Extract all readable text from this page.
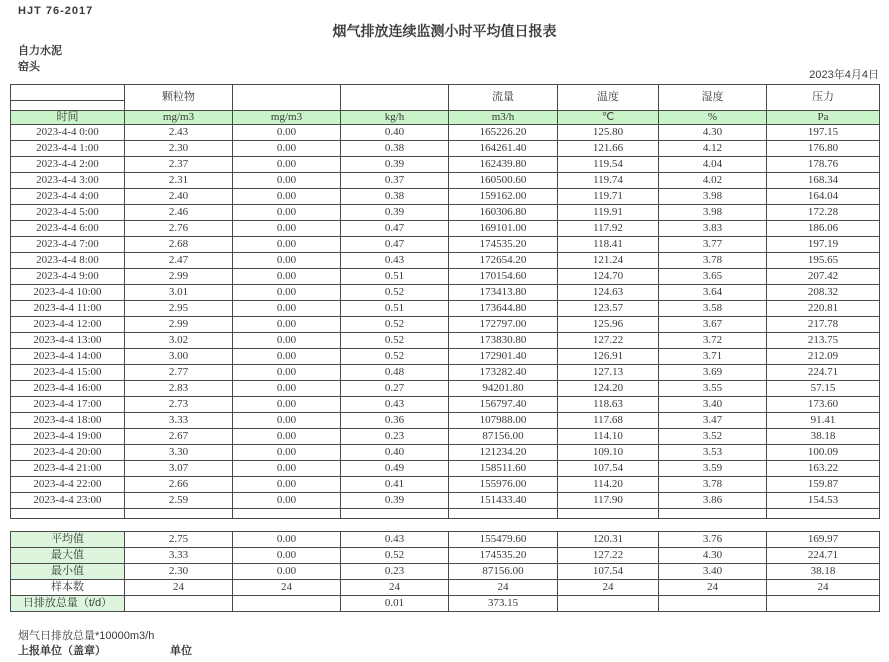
HJT 76-2017
烟气排放连续监测小时平均值日报表
自力水泥
窑头
2023年4月4日
	颗粒物			流量	温度	湿度	压力

时间	mg/m3	mg/m3	kg/h	m3/h	℃	%	Pa
2023-4-4 0:00	2.43	0.00	0.40	165226.20	125.80	4.30	197.15
2023-4-4 1:00	2.30	0.00	0.38	164261.40	121.66	4.12	176.80
2023-4-4 2:00	2.37	0.00	0.39	162439.80	119.54	4.04	178.76
2023-4-4 3:00	2.31	0.00	0.37	160500.60	119.74	4.02	168.34
2023-4-4 4:00	2.40	0.00	0.38	159162.00	119.71	3.98	164.04
2023-4-4 5:00	2.46	0.00	0.39	160306.80	119.91	3.98	172.28
2023-4-4 6:00	2.76	0.00	0.47	169101.00	117.92	3.83	186.06
2023-4-4 7:00	2.68	0.00	0.47	174535.20	118.41	3.77	197.19
2023-4-4 8:00	2.47	0.00	0.43	172654.20	121.24	3.78	195.65
2023-4-4 9:00	2.99	0.00	0.51	170154.60	124.70	3.65	207.42
2023-4-4 10:00	3.01	0.00	0.52	173413.80	124.63	3.64	208.32
2023-4-4 11:00	2.95	0.00	0.51	173644.80	123.57	3.58	220.81
2023-4-4 12:00	2.99	0.00	0.52	172797.00	125.96	3.67	217.78
2023-4-4 13:00	3.02	0.00	0.52	173830.80	127.22	3.72	213.75
2023-4-4 14:00	3.00	0.00	0.52	172901.40	126.91	3.71	212.09
2023-4-4 15:00	2.77	0.00	0.48	173282.40	127.13	3.69	224.71
2023-4-4 16:00	2.83	0.00	0.27	94201.80	124.20	3.55	57.15
2023-4-4 17:00	2.73	0.00	0.43	156797.40	118.63	3.40	173.60
2023-4-4 18:00	3.33	0.00	0.36	107988.00	117.68	3.47	91.41
2023-4-4 19:00	2.67	0.00	0.23	87156.00	114.10	3.52	38.18
2023-4-4 20:00	3.30	0.00	0.40	121234.20	109.10	3.53	100.09
2023-4-4 21:00	3.07	0.00	0.49	158511.60	107.54	3.59	163.22
2023-4-4 22:00	2.66	0.00	0.41	155976.00	114.20	3.78	159.87
2023-4-4 23:00	2.59	0.00	0.39	151433.40	117.90	3.86	154.53

平均值	2.75	0.00	0.43	155479.60	120.31	3.76	169.97
最大值	3.33	0.00	0.52	174535.20	127.22	4.30	224.71
最小值	2.30	0.00	0.23	87156.00	107.54	3.40	38.18
样本数	24	24	24	24	24	24	24
日排放总量（t/d）			0.01	373.15			
烟气日排放总量*10000m3/h
上报单位（盖章）	单位
